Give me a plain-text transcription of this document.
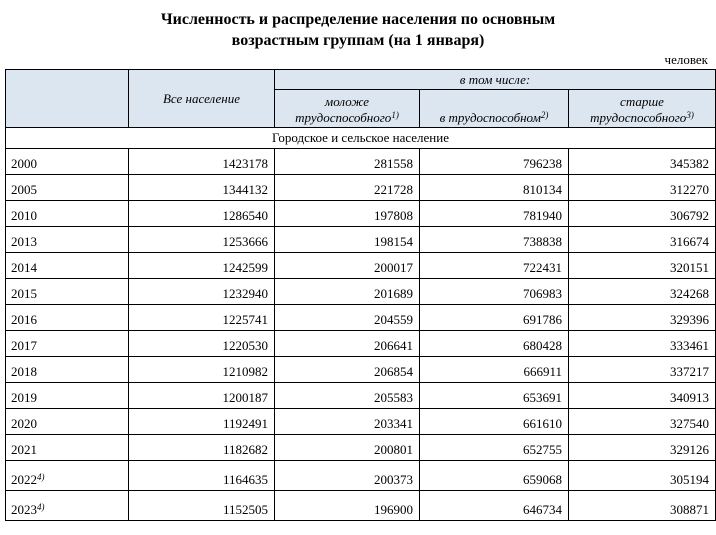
Численность и распределение населения по основным
возрастным группам (на 1 января)
человек
	Все население	в том числе:		
		моложе трудоспособного$^{1)}$	в трудоспособном$^{2)}$	старше трудоспособного$^{3)}$
Городское и сельское население				
2000	1423178	281558	796238	345382
2005	1344132	221728	810134	312270
2010	1286540	197808	781940	306792
2013	1253666	198154	738838	316674
2014	1242599	200017	722431	320151
2015	1232940	201689	706983	324268
2016	1225741	204559	691786	329396
2017	1220530	206641	680428	333461
2018	1210982	206854	666911	337217
2019	1200187	205583	653691	340913
2020	1192491	203341	661610	327540
2021	1182682	200801	652755	329126
2022$^{4)}$	1164635	200373	659068	305194
2023$^{4)}$	1152505	196900	646734	308871
